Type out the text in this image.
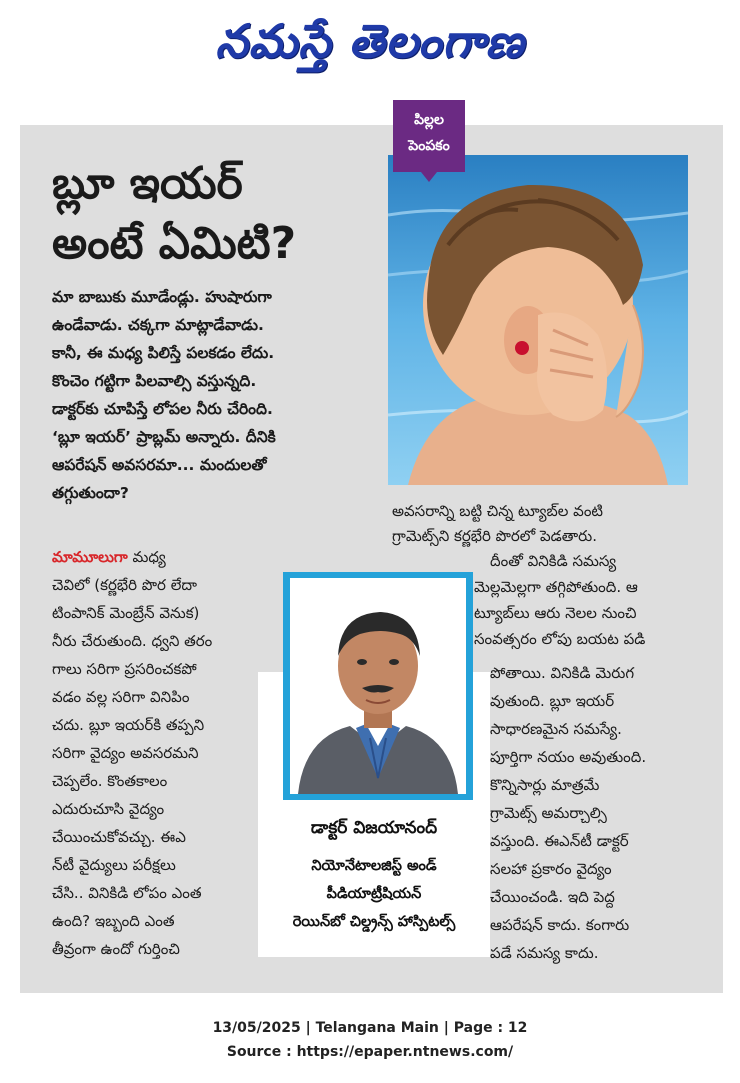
నమస్తే తెలంగాణ
పిల్లల
పెంపకం
బ్లూ ఇయర్
అంటే ఏమిటి?
మా బాబుకు మూడేండ్లు. హుషారుగా
ఉండేవాడు. చక్కగా మాట్లాడేవాడు.
కానీ, ఈ మధ్య పిలిస్తే పలకడం లేదు.
కొంచెం గట్టిగా పిలవాల్సి వస్తున్నది.
డాక్టర్‌కు చూపిస్తే లోపల నీరు చేరింది.
‘బ్లూ ఇయర్’ ప్రాబ్లమ్ అన్నారు. దీనికి
ఆపరేషన్ అవసరమా... మందులతో
తగ్గుతుందా?
మామూలుగా మధ్య
చెవిలో (కర్ణభేరి పొర లేదా
టింపానిక్ మెంబ్రేన్ వెనుక)
నీరు చేరుతుంది. ధ్వని తరం
గాలు సరిగా ప్రసరించకపో
వడం వల్ల సరిగా వినిపిం
చదు. బ్లూ ఇయర్‌కి తప్పని
సరిగా వైద్యం అవసరమని
చెప్పలేం. కొంతకాలం
ఎదురుచూసి వైద్యం
చేయించుకోవచ్చు. ఈఎ
న్‌టీ వైద్యులు పరీక్షలు
చేసి.. వినికిడి లోపం ఎంత
ఉంది? ఇబ్బంది ఎంత
తీవ్రంగా ఉందో గుర్తించి
అవసరాన్ని బట్టి చిన్న ట్యూబ్‌ల వంటి
గ్రామెట్స్‌ని కర్ణభేరి పొరలో పెడతారు.
దీంతో వినికిడి సమస్య
మెల్లమెల్లగా తగ్గిపోతుంది. ఆ
ట్యూబ్‌లు ఆరు నెలల నుంచి
సంవత్సరం లోపు బయట పడి
పోతాయి. వినికిడి మెరుగ
వుతుంది. బ్లూ ఇయర్
సాధారణమైన సమస్యే.
పూర్తిగా నయం అవుతుంది.
కొన్నిసార్లు మాత్రమే
గ్రామెట్స్ అమర్చాల్సి
వస్తుంది. ఈఎన్‌టీ డాక్టర్
సలహా ప్రకారం వైద్యం
చేయించండి. ఇది పెద్ద
ఆపరేషన్ కాదు. కంగారు
పడే సమస్య కాదు.
డాక్టర్ విజయానంద్
నియోనేటాలజిస్ట్ అండ్
పీడియాట్రీషియన్
రెయిన్‌బో చిల్డ్రన్స్ హాస్పిటల్స్
13/05/2025 | Telangana Main | Page : 12
Source : https://epaper.ntnews.com/
